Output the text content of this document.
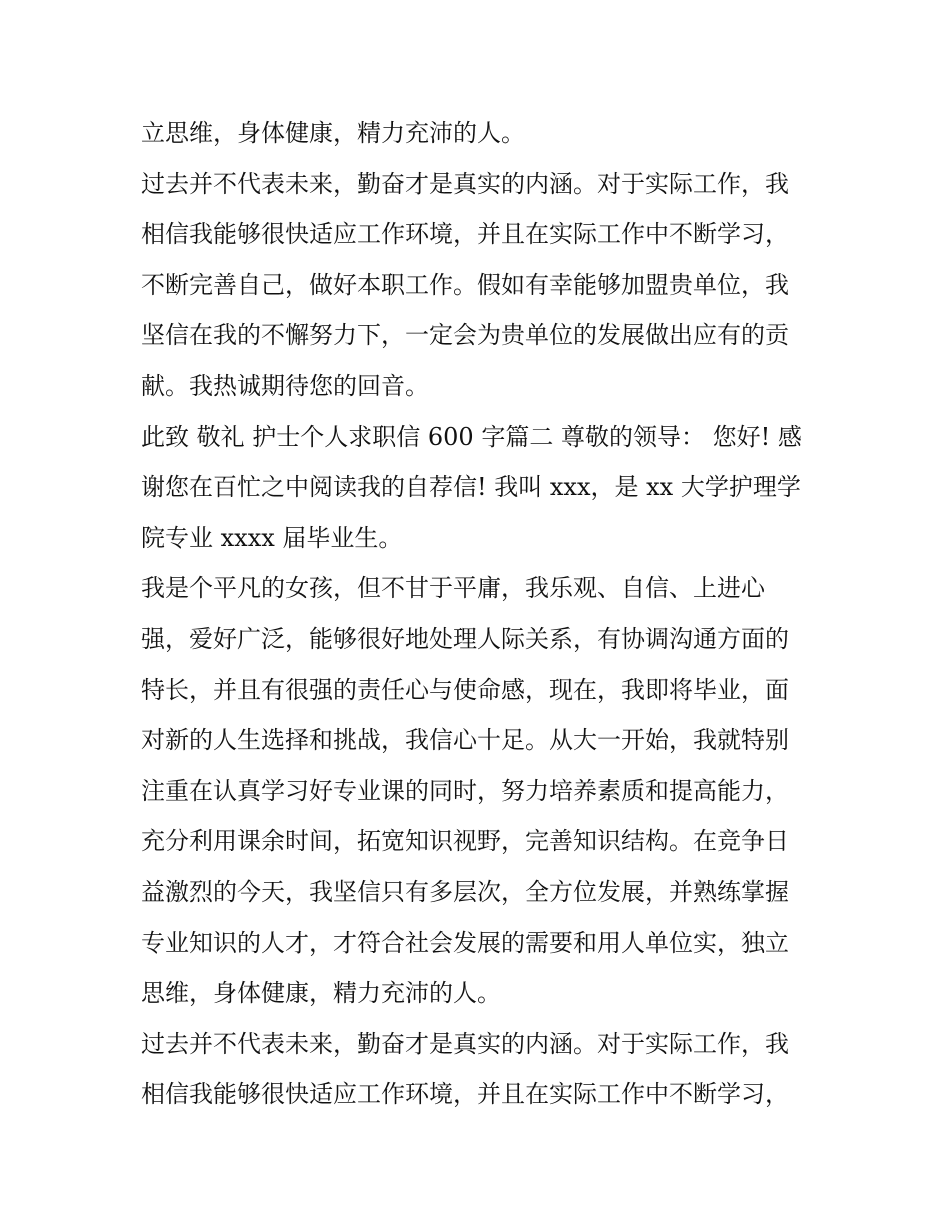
立思维，身体健康，精力充沛的人。
过去并不代表未来，勤奋才是真实的内涵。对于实际工作，我
相信我能够很快适应工作环境，并且在实际工作中不断学习，
不断完善自己，做好本职工作。假如有幸能够加盟贵单位，我
坚信在我的不懈努力下，一定会为贵单位的发展做出应有的贡
献。我热诚期待您的回音。
此致 敬礼 护士个人求职信 600 字篇二 尊敬的领导： 您好! 感
谢您在百忙之中阅读我的自荐信! 我叫 xxx，是 xx 大学护理学
院专业 xxxx 届毕业生。
我是个平凡的女孩，但不甘于平庸，我乐观、自信、上进心
强，爱好广泛，能够很好地处理人际关系，有协调沟通方面的
特长，并且有很强的责任心与使命感，现在，我即将毕业，面
对新的人生选择和挑战，我信心十足。从大一开始，我就特别
注重在认真学习好专业课的同时，努力培养素质和提高能力，
充分利用课余时间，拓宽知识视野，完善知识结构。在竞争日
益激烈的今天，我坚信只有多层次，全方位发展，并熟练掌握
专业知识的人才，才符合社会发展的需要和用人单位实，独立
思维，身体健康，精力充沛的人。
过去并不代表未来，勤奋才是真实的内涵。对于实际工作，我
相信我能够很快适应工作环境，并且在实际工作中不断学习，
